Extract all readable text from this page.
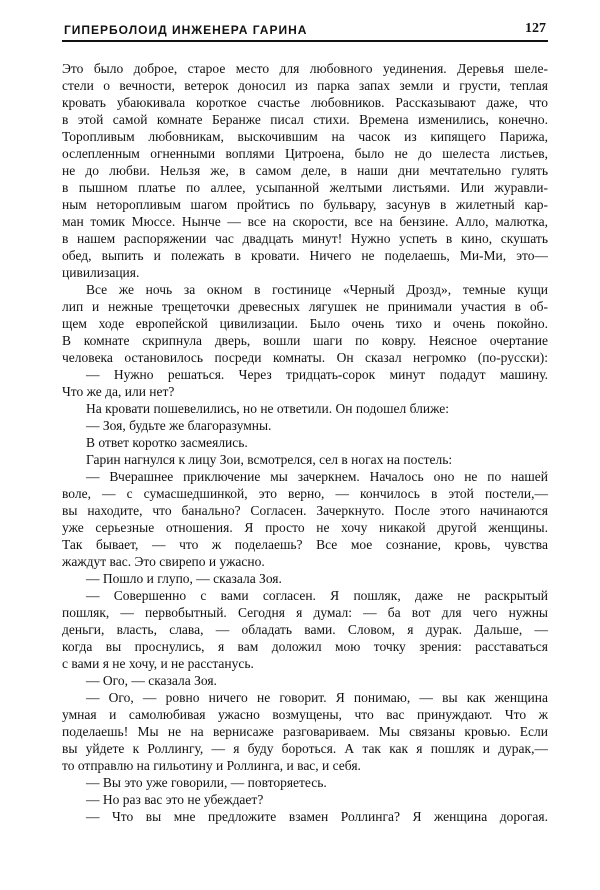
ГИПЕРБОЛОИД ИНЖЕНЕРА ГАРИНА	127
Это было доброе, старое место для любовного уединения. Деревья шеле-
стели о вечности, ветерок доносил из парка запах земли и грусти, теплая
кровать убаюкивала короткое счастье любовников. Рассказывают даже, что
в этой самой комнате Беранже писал стихи. Времена изменились, конечно.
Торопливым любовникам, выскочившим на часок из кипящего Парижа,
ослепленным огненными воплями Цитроена, было не до шелеста листьев,
не до любви. Нельзя же, в самом деле, в наши дни мечтательно гулять
в пышном платье по аллее, усыпанной желтыми листьями. Или журавли-
ным неторопливым шагом пройтись по бульвару, засунув в жилетный кар-
ман томик Мюссе. Нынче — все на скорости, все на бензине. Алло, малютка,
в нашем распоряжении час двадцать минут! Нужно успеть в кино, скушать
обед, выпить и полежать в кровати. Ничего не поделаешь, Ми-Ми, это—
цивилизация.
Все же ночь за окном в гостинице «Черный Дрозд», темные кущи
лип и нежные трещеточки древесных лягушек не принимали участия в об-
щем ходе европейской цивилизации. Было очень тихо и очень покойно.
В комнате скрипнула дверь, вошли шаги по ковру. Неясное очертание
человека остановилось посреди комнаты. Он сказал негромко (по-русски):
— Нужно решаться. Через тридцать-сорок минут подадут машину.
Что же да, или нет?
На кровати пошевелились, но не ответили. Он подошел ближе:
— Зоя, будьте же благоразумны.
В ответ коротко засмеялись.
Гарин нагнулся к лицу Зои, всмотрелся, сел в ногах на постель:
— Вчерашнее приключение мы зачеркнем. Началось оно не по нашей
воле, — с сумасшедшинкой, это верно, — кончилось в этой постели,—
вы находите, что банально? Согласен. Зачеркнуто. После этого начинаются
уже серьезные отношения. Я просто не хочу никакой другой женщины.
Так бывает, — что ж поделаешь? Все мое сознание, кровь, чувства
жаждут вас. Это свирепо и ужасно.
— Пошло и глупо, — сказала Зоя.
— Совершенно с вами согласен. Я пошляк, даже не раскрытый
пошляк, — первобытный. Сегодня я думал: — ба вот для чего нужны
деньги, власть, слава, — обладать вами. Словом, я дурак. Дальше, —
когда вы проснулись, я вам доложил мою точку зрения: расставаться
с вами я не хочу, и не расстанусь.
— Ого, — сказала Зоя.
— Ого, — ровно ничего не говорит. Я понимаю, — вы как женщина
умная и самолюбивая ужасно возмущены, что вас принуждают. Что ж
поделаешь! Мы не на вернисаже разговариваем. Мы связаны кровью. Если
вы уйдете к Роллингу, — я буду бороться. А так как я пошляк и дурак,—
то отправлю на гильотину и Роллинга, и вас, и себя.
— Вы это уже говорили, — повторяетесь.
— Но раз вас это не убеждает?
— Что вы мне предложите взамен Роллинга? Я женщина дорогая.
